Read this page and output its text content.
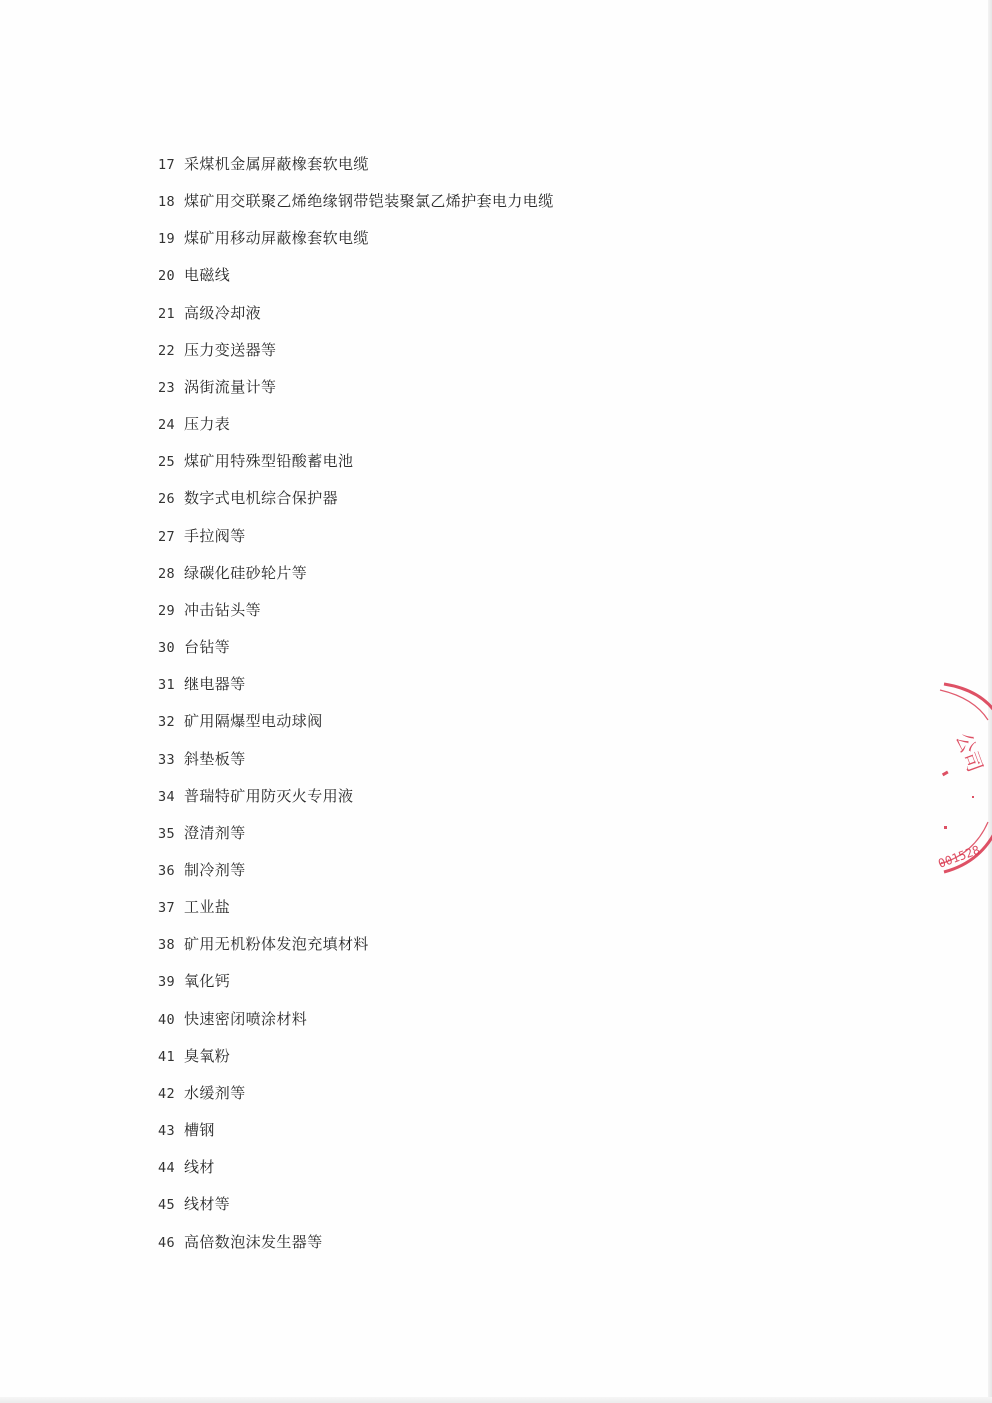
17 采煤机金属屏蔽橡套软电缆
18 煤矿用交联聚乙烯绝缘钢带铠装聚氯乙烯护套电力电缆
19 煤矿用移动屏蔽橡套软电缆
20 电磁线
21 高级冷却液
22 压力变送器等
23 涡街流量计等
24 压力表
25 煤矿用特殊型铅酸蓄电池
26 数字式电机综合保护器
27 手拉阀等
28 绿碳化硅砂轮片等
29 冲击钻头等
30 台钻等
31 继电器等
32 矿用隔爆型电动球阀
33 斜垫板等
34 普瑞特矿用防灭火专用液
35 澄清剂等
36 制冷剂等
37 工业盐
38 矿用无机粉体发泡充填材料
39 氧化钙
40 快速密闭喷涂材料
41 臭氧粉
42 水缓剂等
43 槽钢
44 线材
45 线材等
46 高倍数泡沫发生器等
公司
001528
